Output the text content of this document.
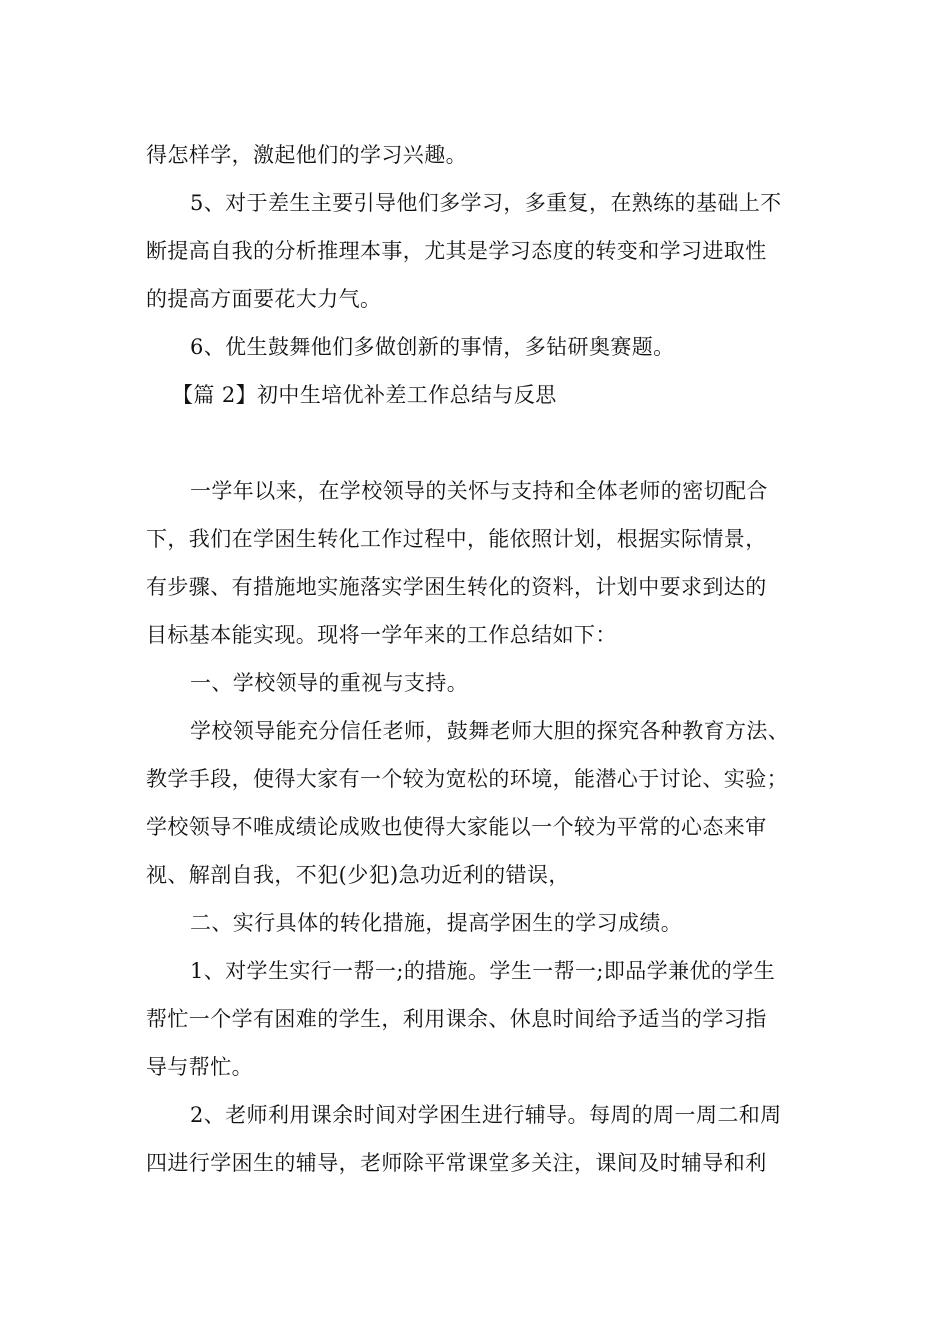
得怎样学，激起他们的学习兴趣。

5、对于差生主要引导他们多学习，多重复，在熟练的基础上不
断提高自我的分析推理本事，尤其是学习态度的转变和学习进取性
的提高方面要花大力气。

6、优生鼓舞他们多做创新的事情，多钻研奥赛题。

【篇 2】初中生培优补差工作总结与反思

一学年以来，在学校领导的关怀与支持和全体老师的密切配合
下，我们在学困生转化工作过程中，能依照计划，根据实际情景，
有步骤、有措施地实施落实学困生转化的资料，计划中要求到达的
目标基本能实现。现将一学年来的工作总结如下：

一、学校领导的重视与支持。

学校领导能充分信任老师，鼓舞老师大胆的探究各种教育方法、
教学手段，使得大家有一个较为宽松的环境，能潜心于讨论、实验；
学校领导不唯成绩论成败也使得大家能以一个较为平常的心态来审
视、解剖自我，不犯(少犯)急功近利的错误，

二、实行具体的转化措施，提高学困生的学习成绩。

1、对学生实行一帮一;的措施。学生一帮一;即品学兼优的学生
帮忙一个学有困难的学生，利用课余、休息时间给予适当的学习指
导与帮忙。

2、老师利用课余时间对学困生进行辅导。每周的周一周二和周
四进行学困生的辅导，老师除平常课堂多关注，课间及时辅导和利
